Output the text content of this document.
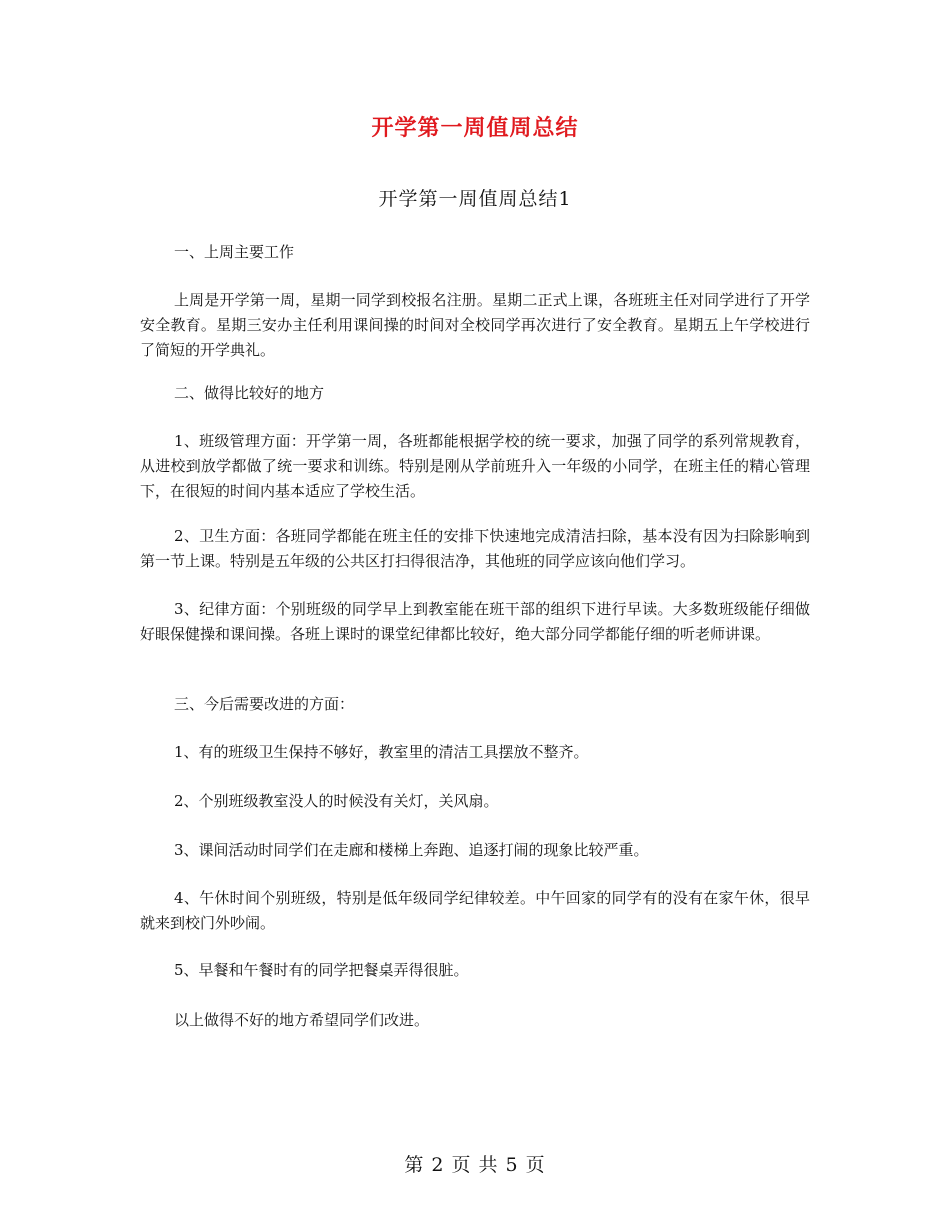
开学第一周值周总结
开学第一周值周总结1

一、上周主要工作

上周是开学第一周，星期一同学到校报名注册。星期二正式上课，各班班主任对同学进行了开学安全教育。星期三安办主任利用课间操的时间对全校同学再次进行了安全教育。星期五上午学校进行了简短的开学典礼。

二、做得比较好的地方

1、班级管理方面：开学第一周，各班都能根据学校的统一要求，加强了同学的系列常规教育，从进校到放学都做了统一要求和训练。特别是刚从学前班升入一年级的小同学，在班主任的精心管理下，在很短的时间内基本适应了学校生活。

2、卫生方面：各班同学都能在班主任的安排下快速地完成清洁扫除，基本没有因为扫除影响到第一节上课。特别是五年级的公共区打扫得很洁净，其他班的同学应该向他们学习。

3、纪律方面：个别班级的同学早上到教室能在班干部的组织下进行早读。大多数班级能仔细做好眼保健操和课间操。各班上课时的课堂纪律都比较好，绝大部分同学都能仔细的听老师讲课。

三、今后需要改进的方面：

1、有的班级卫生保持不够好，教室里的清洁工具摆放不整齐。

2、个别班级教室没人的时候没有关灯，关风扇。

3、课间活动时同学们在走廊和楼梯上奔跑、追逐打闹的现象比较严重。

4、午休时间个别班级，特别是低年级同学纪律较差。中午回家的同学有的没有在家午休，很早就来到校门外吵闹。

5、早餐和午餐时有的同学把餐桌弄得很脏。

以上做得不好的地方希望同学们改进。

第 2 页 共 5 页
